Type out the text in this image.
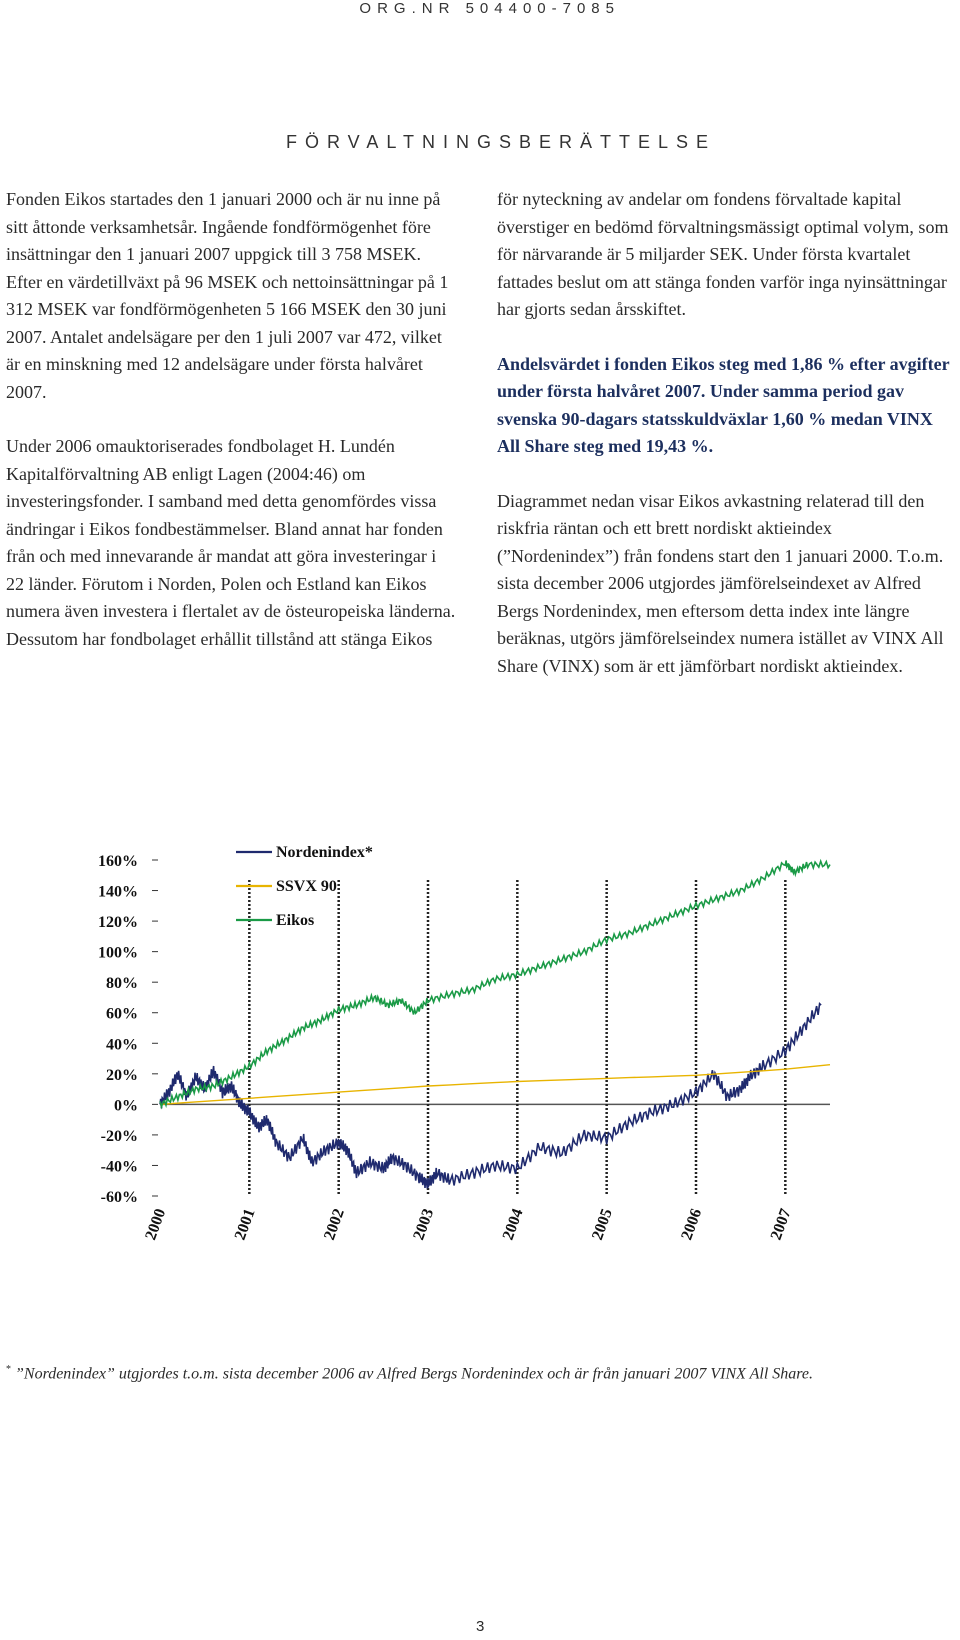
ORG.NR 504400-7085
FÖRVALTNINGSBERÄTTELSE

Fonden Eikos startades den 1 januari 2000 och är nu inne på sitt åttonde verksamhetsår. Ingående fondförmögenhet före insättningar den 1 januari 2007 uppgick till 3 758 MSEK. Efter en värdetillväxt på 96 MSEK och nettoinsättningar på 1 312 MSEK var fondförmögenheten 5 166 MSEK den 30 juni 2007. Antalet andelsägare per den 1 juli 2007 var 472, vilket är en minskning med 12 andelsägare under första halvåret 2007.

Under 2006 omauktoriserades fondbolaget H. Lundén Kapitalförvaltning AB enligt Lagen (2004:46) om investeringsfonder. I samband med detta genomfördes vissa ändringar i Eikos fondbestämmelser. Bland annat har fonden från och med innevarande år mandat att göra investeringar i 22 länder. Förutom i Norden, Polen och Estland kan Eikos numera även investera i flertalet av de östeuropeiska länderna. Dessutom har fondbolaget erhållit tillstånd att stänga Eikos

för nyteckning av andelar om fondens förvaltade kapital överstiger en bedömd förvaltningsmässigt optimal volym, som för närvarande är 5 miljarder SEK. Under första kvartalet fattades beslut om att stänga fonden varför inga nyinsättningar har gjorts sedan årsskiftet.

Andelsvärdet i fonden Eikos steg med 1,86 % efter avgifter under första halvåret 2007. Under samma period gav svenska 90-dagars statsskuldväxlar 1,60 % medan VINX All Share steg med 19,43 %.

Diagrammet nedan visar Eikos avkastning relaterad till den riskfria räntan och ett brett nordiskt aktieindex (”Nordenindex”) från fondens start den 1 januari 2000. T.o.m. sista december 2006 utgjordes jämförelseindexet av Alfred Bergs Nordenindex, men eftersom detta index inte längre beräknas, utgörs jämförelseindex numera istället av VINX All Share (VINX) som är ett jämförbart nordiskt aktieindex.

160%
140%
120%
100%
80%
60%
40%
20%
0%
-20%
-40%
-60%
2000	2001	2002	2003	2004	2005	2006	2007
Nordenindex*
SSVX 90
Eikos
* ”Nordenindex” utgjordes t.o.m. sista december 2006 av Alfred Bergs Nordenindex och är från januari 2007 VINX All Share.
3
